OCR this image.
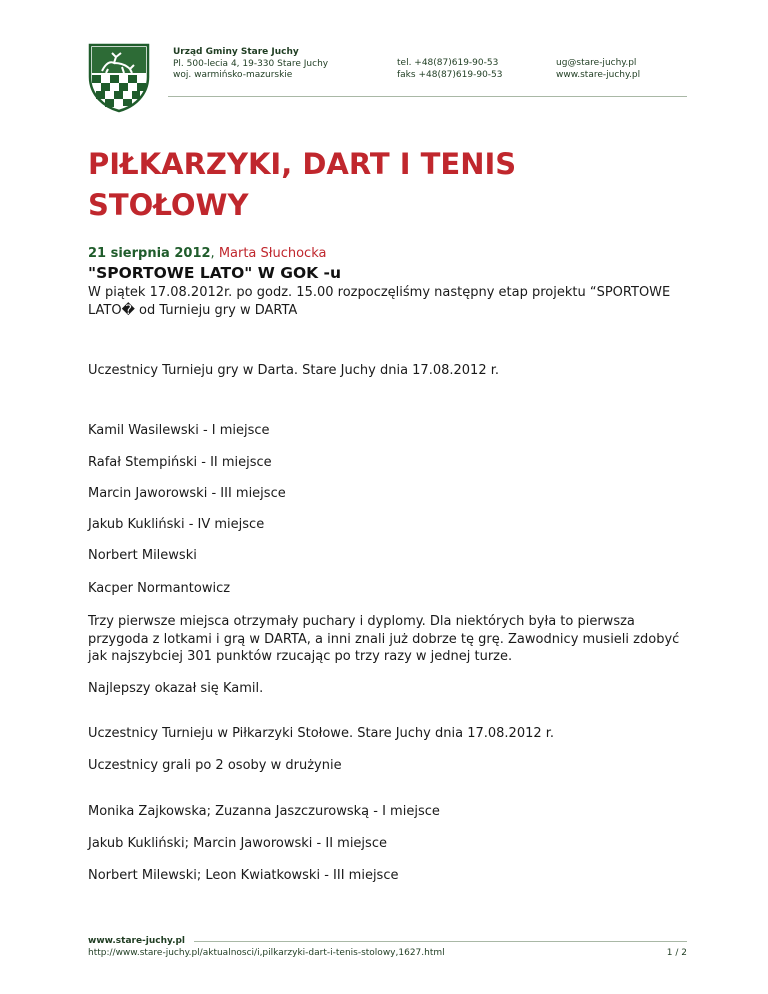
Urząd Gminy Stare Juchy
Pl. 500-lecia 4, 19-330 Stare Juchy
woj. warmińsko-mazurskie
tel. +48(87)619-90-53
faks +48(87)619-90-53
ug@stare-juchy.pl
www.stare-juchy.pl
PIŁKARZYKI, DART I TENIS STOŁOWY
21 sierpnia 2012, Marta Słuchocka
"SPORTOWE LATO" W GOK -u

W piątek 17.08.2012r. po godz. 15.00 rozpoczęliśmy następny etap projektu “SPORTOWE LATO� od Turnieju gry w DARTA

Uczestnicy Turnieju gry w Darta. Stare Juchy dnia 17.08.2012 r.

Kamil Wasilewski - I miejsce

Rafał Stempiński - II miejsce

Marcin Jaworowski - III miejsce

Jakub Kukliński - IV miejsce

Norbert Milewski

Kacper Normantowicz

Trzy pierwsze miejsca otrzymały puchary i dyplomy. Dla niektórych była to pierwsza przygoda z lotkami i grą w DARTA, a inni znali już dobrze tę grę. Zawodnicy musieli zdobyć jak najszybciej 301 punktów rzucając po trzy razy w jednej turze.

Najlepszy okazał się Kamil.

Uczestnicy Turnieju w Piłkarzyki Stołowe. Stare Juchy dnia 17.08.2012 r.

Uczestnicy grali po 2 osoby w drużynie

Monika Zajkowska; Zuzanna Jaszczurowską - I miejsce

Jakub Kukliński; Marcin Jaworowski - II miejsce

Norbert Milewski; Leon Kwiatkowski - III miejsce

www.stare-juchy.pl
http://www.stare-juchy.pl/aktualnosci/i,pilkarzyki-dart-i-tenis-stolowy,1627.html	1 / 2
